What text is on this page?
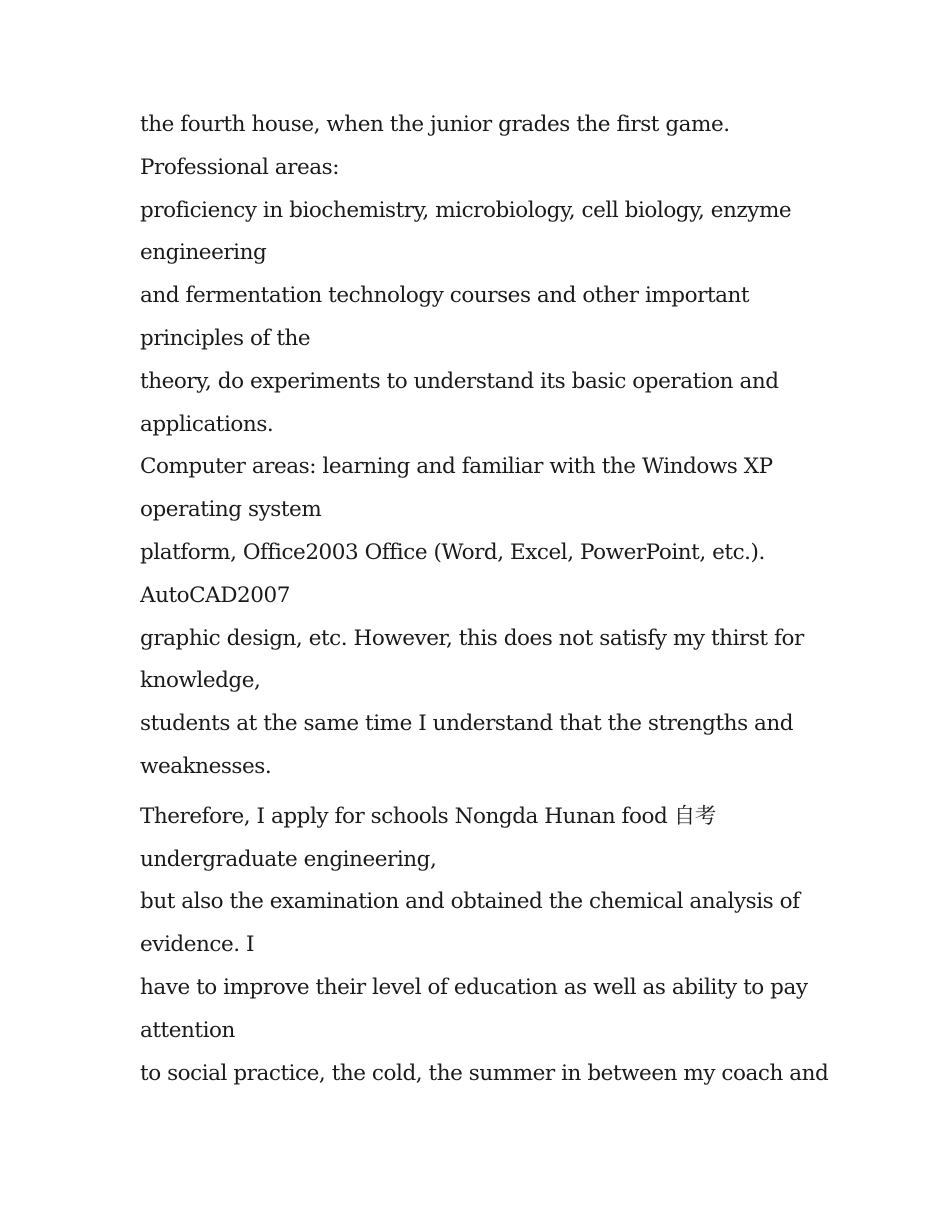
the fourth house, when the junior grades the first game.
Professional areas:
proficiency in biochemistry, microbiology, cell biology, enzyme
engineering
and fermentation technology courses and other important
principles of the
theory, do experiments to understand its basic operation and
applications.
Computer areas: learning and familiar with the Windows XP
operating system
platform, Office2003 Office (Word, Excel, PowerPoint, etc.).
AutoCAD2007
graphic design, etc. However, this does not satisfy my thirst for
knowledge,
students at the same time I understand that the strengths and
weaknesses.
Therefore, I apply for schools Nongda Hunan food 自考
undergraduate engineering,
but also the examination and obtained the chemical analysis of
evidence. I
have to improve their level of education as well as ability to pay
attention
to social practice, the cold, the summer in between my coach and
